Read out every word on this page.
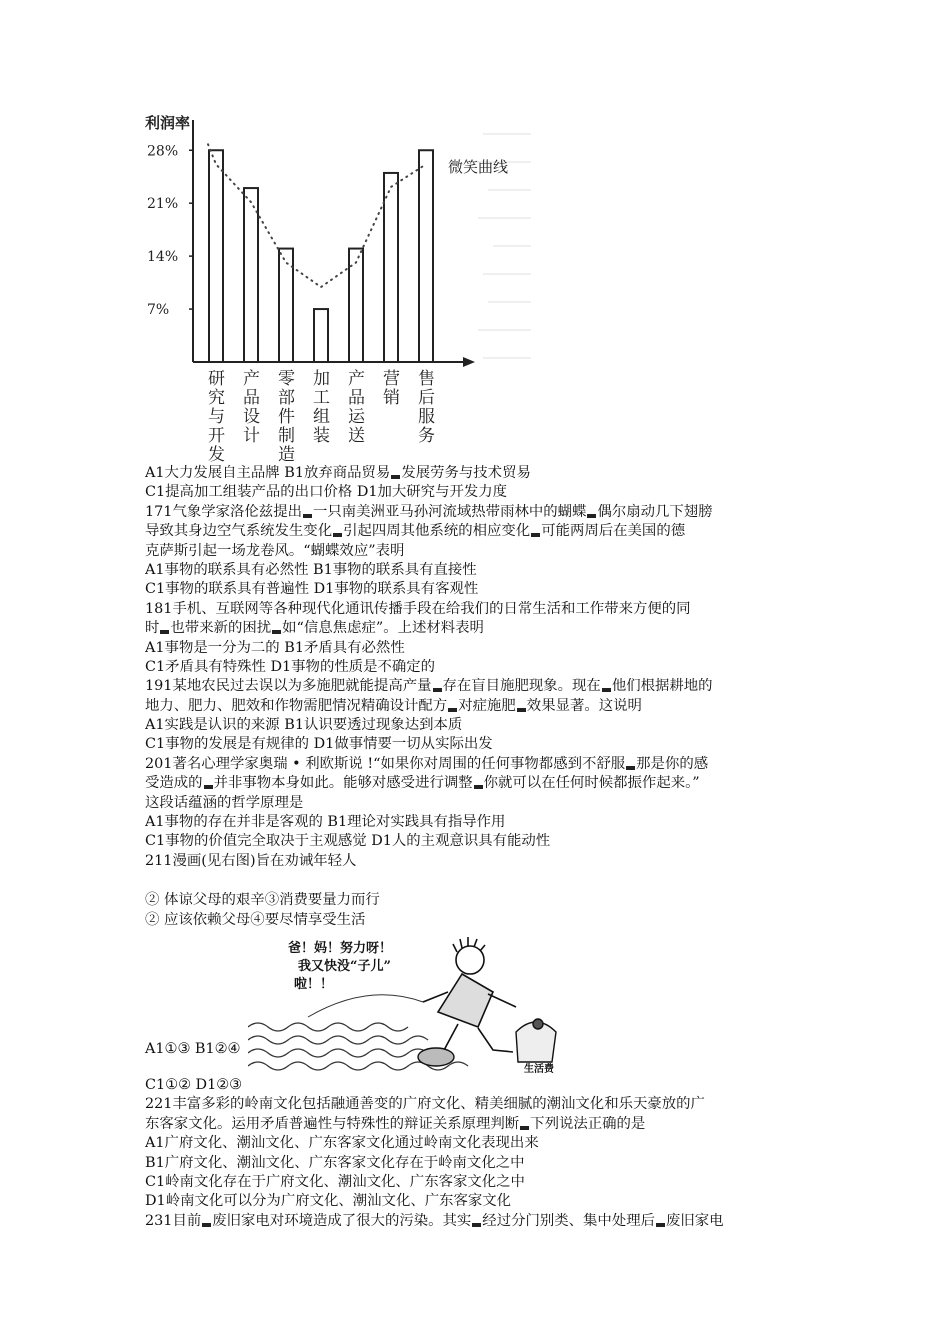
利润率
微笑曲线
28%
21%
14%
7%
研
究
与
开
发
产
品
设
计
零
部
件
制
造
加
工
组
装
产
品
运
送
营
销
售
后
服
务
A1大力发展自主品牌 B1放弃商品贸易 发展劳务与技术贸易
C1提高加工组装产品的出口价格 D1加大研究与开发力度
171气象学家洛伦兹提出 一只南美洲亚马孙河流域热带雨林中的蝴蝶 偶尔扇动几下翅膀
导致其身边空气系统发生变化 引起四周其他系统的相应变化 可能两周后在美国的德
克萨斯引起一场龙卷风。“蝴蝶效应”表明
A1事物的联系具有必然性 B1事物的联系具有直接性
C1事物的联系具有普遍性 D1事物的联系具有客观性
181手机、互联网等各种现代化通讯传播手段在给我们的日常生活和工作带来方便的同
时 也带来新的困扰 如“信息焦虑症”。上述材料表明
A1事物是一分为二的 B1矛盾具有必然性
C1矛盾具有特殊性 D1事物的性质是不确定的
191某地农民过去误以为多施肥就能提高产量 存在盲目施肥现象。现在 他们根据耕地的
地力、肥力、肥效和作物需肥情况精确设计配方 对症施肥 效果显著。这说明
A1实践是认识的来源 B1认识要透过现象达到本质
C1事物的发展是有规律的 D1做事情要一切从实际出发
201著名心理学家奥瑞 • 利欧斯说 !“如果你对周围的任何事物都感到不舒服 那是你的感
受造成的 并非事物本身如此。能够对感受进行调整 你就可以在任何时候都振作起来。”
这段话蕴涵的哲学原理是
A1事物的存在并非是客观的 B1理论对实践具有指导作用
C1事物的价值完全取决于主观感觉 D1人的主观意识具有能动性
211漫画(见右图)旨在劝诫年轻人
② 体谅父母的艰辛③消费要量力而行
② 应该依赖父母④要尽情享受生活
爸！妈！努力呀！
我又快没“子儿”
啦！！
生活费
A1①③ B1②④
C1①② D1②③
221丰富多彩的岭南文化包括融通善变的广府文化、精美细腻的潮汕文化和乐天豪放的广
东客家文化。运用矛盾普遍性与特殊性的辩证关系原理判断 下列说法正确的是
A1广府文化、潮汕文化、广东客家文化通过岭南文化表现出来
B1广府文化、潮汕文化、广东客家文化存在于岭南文化之中
C1岭南文化存在于广府文化、潮汕文化、广东客家文化之中
D1岭南文化可以分为广府文化、潮汕文化、广东客家文化
231目前 废旧家电对环境造成了很大的污染。其实 经过分门别类、集中处理后 废旧家电
